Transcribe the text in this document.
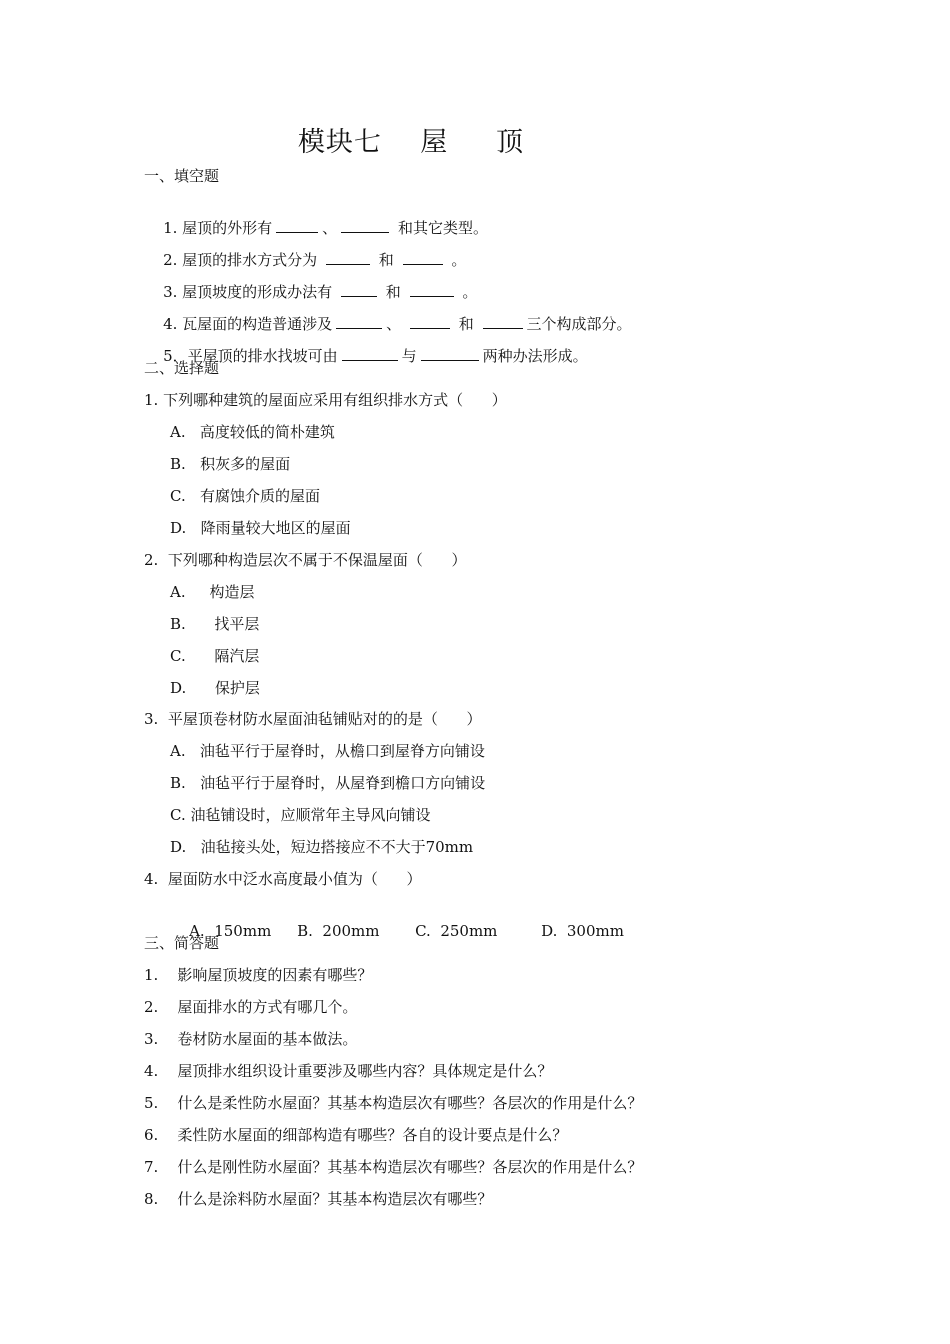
模块七    屋     顶
一、填空题

1. 屋顶的外形有	、	和其它类型。

2. 屋顶的排水方式分为	和	。

3. 屋顶坡度的形成办法有	和	。

4. 瓦屋面的构造普通涉及	、	和	三个构成部分。

5．平屋顶的排水找坡可由	与	两种办法形成。

二、选择题
1. 下列哪种建筑的屋面应采用有组织排水方式（      ）
A.   高度较低的简朴建筑
B.   积灰多的屋面
C.   有腐蚀介质的屋面
D.   降雨量较大地区的屋面
2.  下列哪种构造层次不属于不保温屋面（      ）
A.     构造层
B.      找平层
C.      隔汽层
D.      保护层
3.  平屋顶卷材防水屋面油毡铺贴对的的是（      ）
A.   油毡平行于屋脊时，从檐口到屋脊方向铺设
B.   油毡平行于屋脊时，从屋脊到檐口方向铺设
C. 油毡铺设时，应顺常年主导风向铺设
D.   油毡接头处，短边搭接应不不大于70mm
4.  屋面防水中泛水高度最小值为（      ）

A.  150mm B.  200mm C.  250mm	D.  300mm

三、简答题
1.    影响屋顶坡度的因素有哪些？
2.    屋面排水的方式有哪几个。
3.    卷材防水屋面的基本做法。
4.    屋顶排水组织设计重要涉及哪些内容？具体规定是什么？
5.    什么是柔性防水屋面？其基本构造层次有哪些？各层次的作用是什么？
6.    柔性防水屋面的细部构造有哪些？各自的设计要点是什么？
7.    什么是刚性防水屋面？其基本构造层次有哪些？各层次的作用是什么？
8.    什么是涂料防水屋面？其基本构造层次有哪些？
